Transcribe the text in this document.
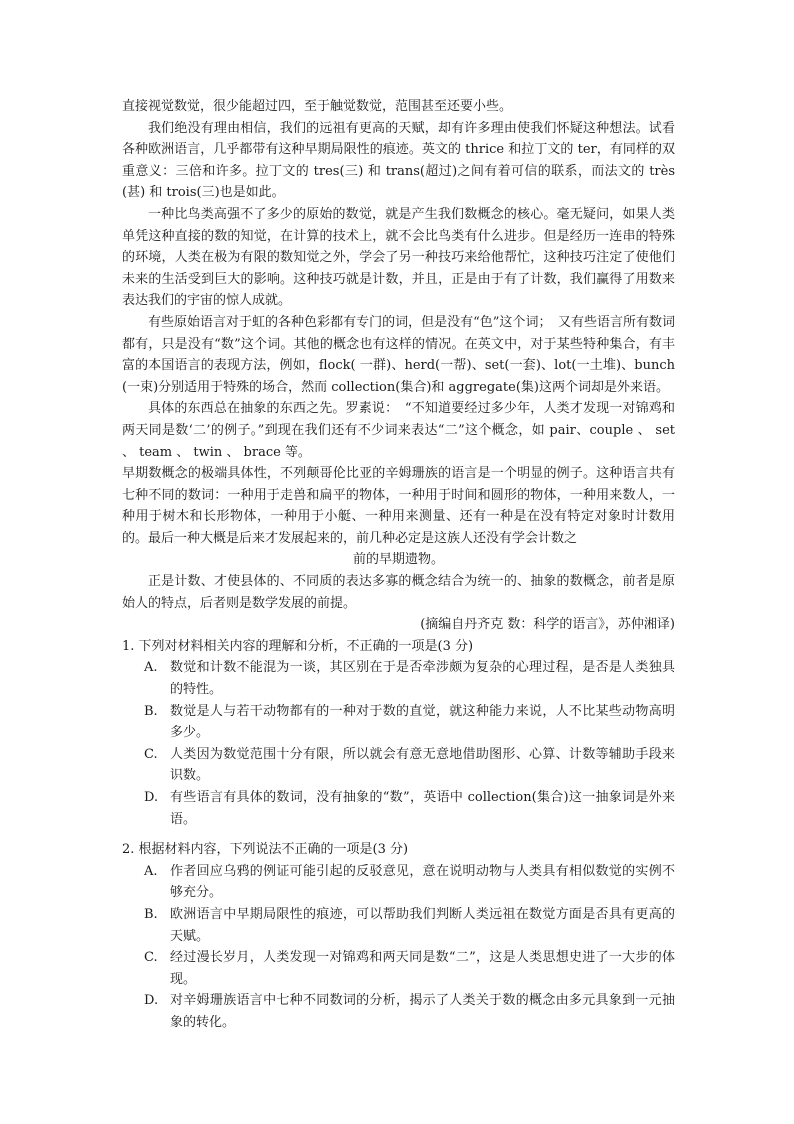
直接视觉数觉，很少能超过四，至于触觉数觉，范围甚至还要小些。

我们绝没有理由相信，我们的远祖有更高的天赋，却有许多理由使我们怀疑这种想法。试看各种欧洲语言，几乎都带有这种早期局限性的痕迹。英文的 thrice 和拉丁文的 ter，有同样的双重意义：三倍和许多。拉丁文的 tres(三) 和 trans(超过)之间有着可信的联系，而法文的 très(甚) 和 trois(三)也是如此。

一种比鸟类高强不了多少的原始的数觉，就是产生我们数概念的核心。毫无疑问，如果人类单凭这种直接的数的知觉，在计算的技术上，就不会比鸟类有什么进步。但是经历一连串的特殊的环境，人类在极为有限的数知觉之外，学会了另一种技巧来给他帮忙，这种技巧注定了使他们未来的生活受到巨大的影响。这种技巧就是计数，并且，正是由于有了计数，我们赢得了用数来表达我们的宇宙的惊人成就。

有些原始语言对于虹的各种色彩都有专门的词，但是没有“色”这个词；　又有些语言所有数词都有，只是没有“数”这个词。其他的概念也有这样的情况。在英文中，对于某些特种集合，有丰富的本国语言的表现方法，例如，flock( 一群)、herd(一帮)、set(一套)、lot(一土堆)、bunch(一束)分别适用于特殊的场合，然而 collection(集合)和 aggregate(集)这两个词却是外来语。

具体的东西总在抽象的东西之先。罗素说：　“不知道要经过多少年，人类才发现一对锦鸡和两天同是数‘二’的例子。”到现在我们还有不少词来表达“二”这个概念，如 pair、couple 、 set 、 team 、 twin 、 brace 等。

早期数概念的极端具体性，不列颠哥伦比亚的辛姆珊族的语言是一个明显的例子。这种语言共有七种不同的数词：一种用于走兽和扁平的物体，一种用于时间和圆形的物体，一种用来数人，一种用于树木和长形物体，一种用于小艇、一种用来测量、还有一种是在没有特定对象时计数用的。最后一种大概是后来才发展起来的，前几种必定是这族人还没有学会计数之

前的早期遗物。

正是计数、才使县体的、不同质的表达多寡的概念结合为统一的、抽象的数概念，前者是原始人的特点，后者则是数学发展的前提。

(摘编自丹齐克 数：科学的语言》，苏仲湘译)

1. 下列对材料相关内容的理解和分析，不正确的一项是(3 分)

A. 数觉和计数不能混为一谈，其区别在于是否牵涉颇为复杂的心理过程，是否是人类独具的特性。
B. 数觉是人与若干动物都有的一种对于数的直觉，就这种能力来说，人不比某些动物高明多少。
C. 人类因为数觉范围十分有限，所以就会有意无意地借助图形、心算、计数等辅助手段来识数。
D. 有些语言有具体的数词，没有抽象的“数”，英语中 collection(集合)这一抽象词是外来语。

2. 根据材料内容，下列说法不正确的一项是(3 分)

A. 作者回应乌鸦的例证可能引起的反驳意见，意在说明动物与人类具有相似数觉的实例不够充分。
B. 欧洲语言中早期局限性的痕迹，可以帮助我们判断人类远祖在数觉方面是否具有更高的天赋。
C. 经过漫长岁月，人类发现一对锦鸡和两天同是数“二”，这是人类思想史进了一大步的体现。
D. 对辛姆珊族语言中七种不同数词的分析，揭示了人类关于数的概念由多元具象到一元抽象的转化。
